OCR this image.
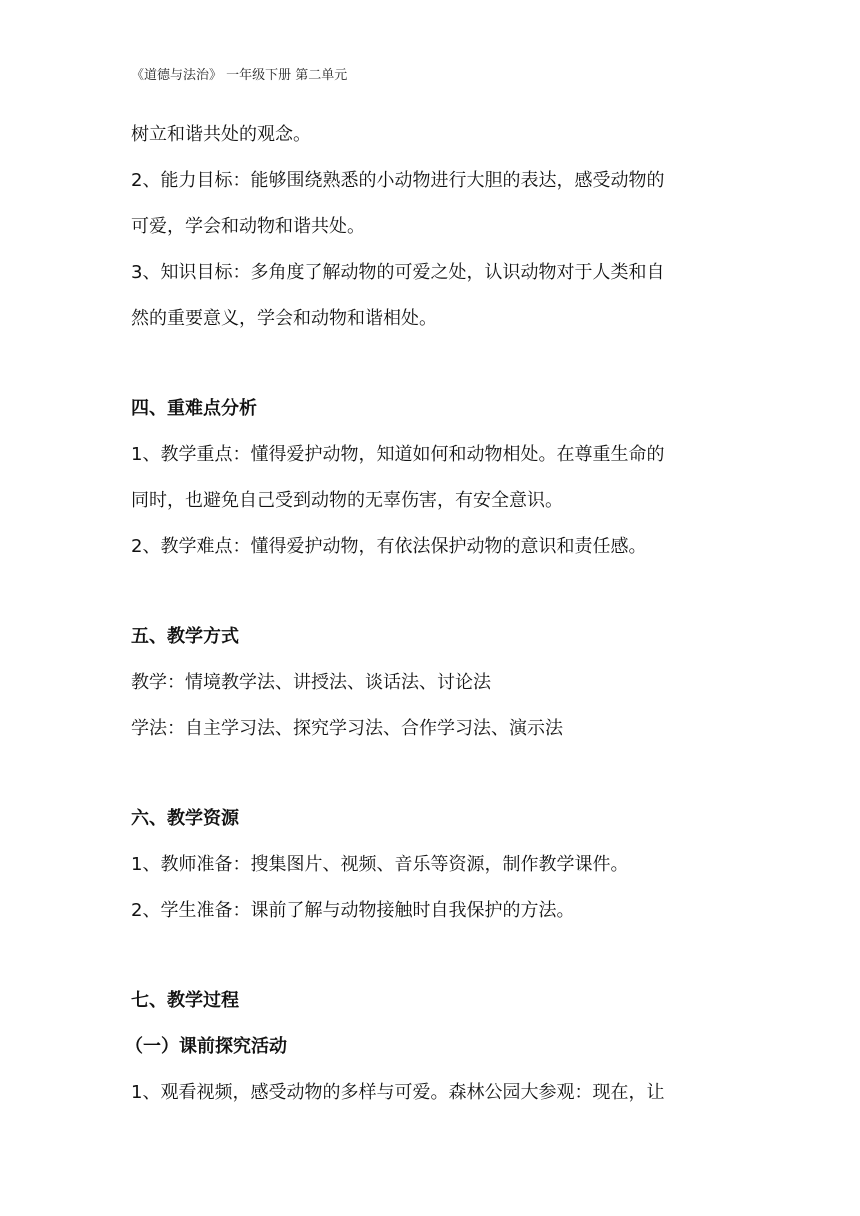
《道德与法治》 一年级下册 第二单元

树立和谐共处的观念。

2、能力目标：能够围绕熟悉的小动物进行大胆的表达，感受动物的

可爱，学会和动物和谐共处。

3、知识目标：多角度了解动物的可爱之处，认识动物对于人类和自

然的重要意义，学会和动物和谐相处。

四、重难点分析

1、教学重点：懂得爱护动物，知道如何和动物相处。在尊重生命的

同时，也避免自己受到动物的无辜伤害，有安全意识。

2、教学难点：懂得爱护动物，有依法保护动物的意识和责任感。

五、教学方式

教学：情境教学法、讲授法、谈话法、讨论法

学法：自主学习法、探究学习法、合作学习法、演示法

六、教学资源

1、教师准备：搜集图片、视频、音乐等资源，制作教学课件。

2、学生准备：课前了解与动物接触时自我保护的方法。

七、教学过程
（一）课前探究活动

1、观看视频，感受动物的多样与可爱。森林公园大参观：现在，让
